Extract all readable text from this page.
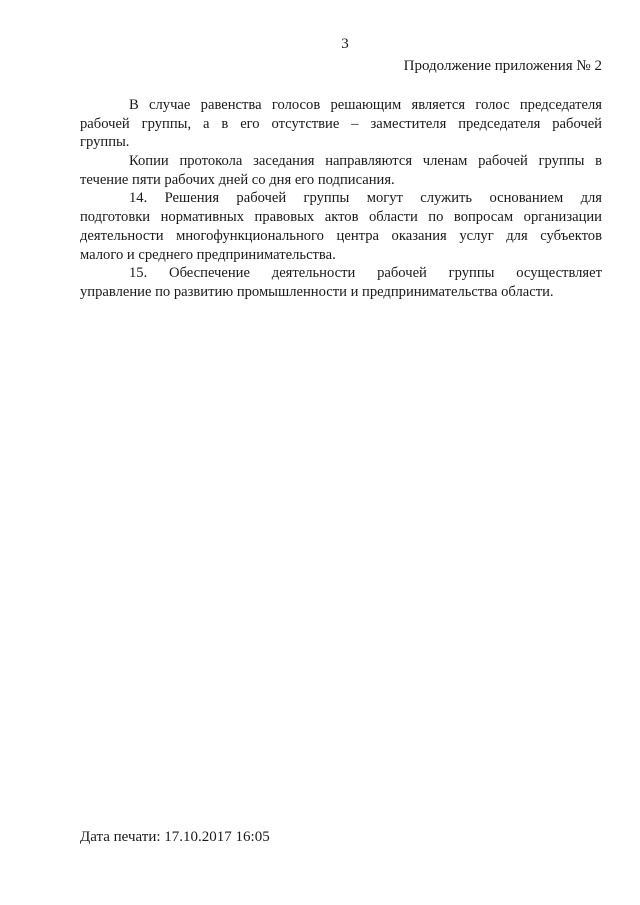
3
Продолжение приложения № 2
В случае равенства голосов решающим является голос председателя
рабочей группы, а в его отсутствие – заместителя председателя рабочей
группы.
Копии протокола заседания направляются членам рабочей группы в
течение пяти рабочих дней со дня его подписания.
14. Решения рабочей группы могут служить основанием для
подготовки нормативных правовых актов области по вопросам организации
деятельности многофункционального центра оказания услуг для субъектов
малого и среднего предпринимательства.
15. Обеспечение деятельности рабочей группы осуществляет
управление по развитию промышленности и предпринимательства области.
Дата печати: 17.10.2017 16:05
